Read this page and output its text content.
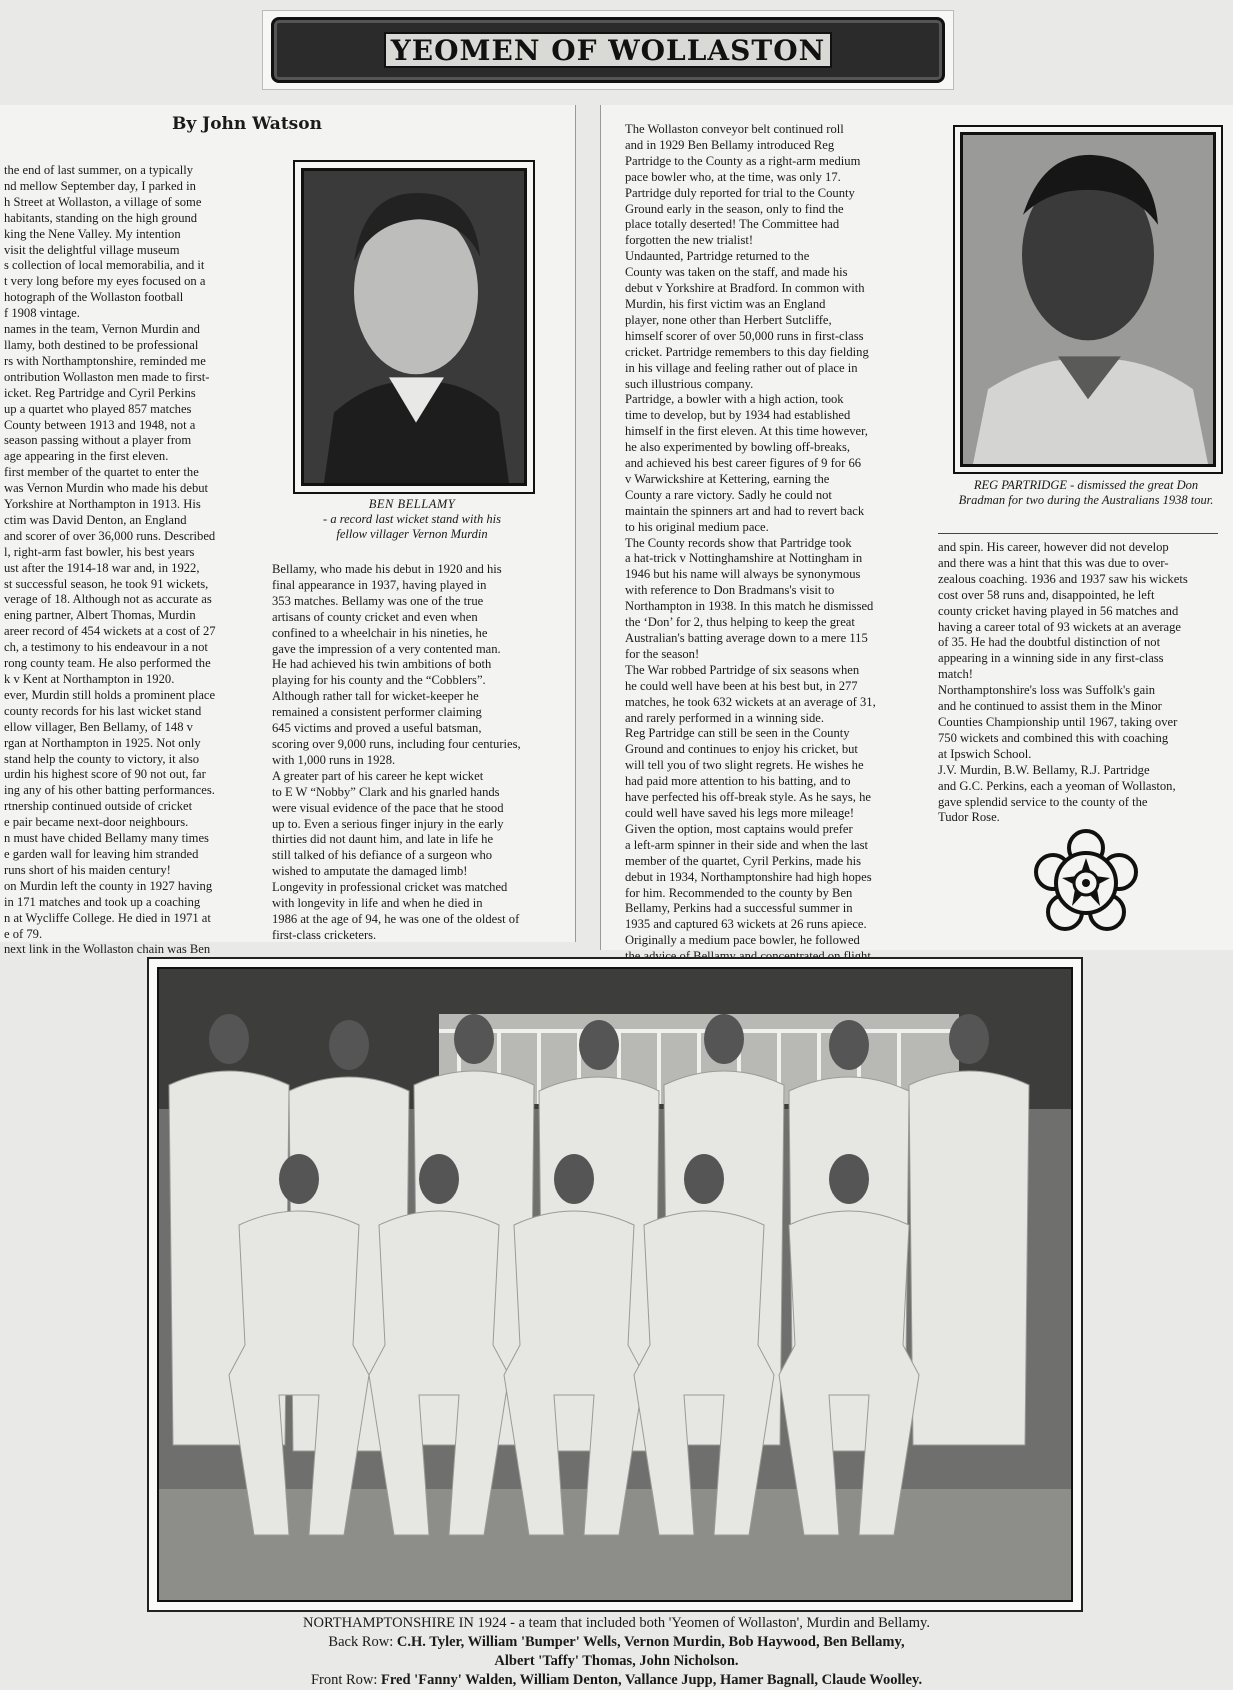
YEOMEN OF WOLLASTON
By John Watson

the end of last summer, on a typically

nd mellow September day, I parked in

h Street at Wollaston, a village of some

habitants, standing on the high ground

king the Nene Valley. My intention

visit the delightful village museum

s collection of local memorabilia, and it

t very long before my eyes focused on a

hotograph of the Wollaston football

f 1908 vintage.

names in the team, Vernon Murdin and

llamy, both destined to be professional

rs with Northamptonshire, reminded me

ontribution Wollaston men made to first-

icket. Reg Partridge and Cyril Perkins

up a quartet who played 857 matches

County between 1913 and 1948, not a

season passing without a player from

age appearing in the first eleven.

first member of the quartet to enter the

was Vernon Murdin who made his debut

Yorkshire at Northampton in 1913. His

ctim was David Denton, an England

and scorer of over 36,000 runs. Described

l, right-arm fast bowler, his best years

ust after the 1914-18 war and, in 1922,

st successful season, he took 91 wickets,

verage of 18. Although not as accurate as

ening partner, Albert Thomas, Murdin

areer record of 454 wickets at a cost of 27

ch, a testimony to his endeavour in a not

rong county team. He also performed the

k v Kent at Northampton in 1920.

ever, Murdin still holds a prominent place

county records for his last wicket stand

ellow villager, Ben Bellamy, of 148 v

rgan at Northampton in 1925. Not only

stand help the county to victory, it also

urdin his highest score of 90 not out, far

ing any of his other batting performances.

rtnership continued outside of cricket

e pair became next-door neighbours.

n must have chided Bellamy many times

e garden wall for leaving him stranded

runs short of his maiden century!

on Murdin left the county in 1927 having

in 171 matches and took up a coaching

n at Wycliffe College. He died in 1971 at

e of 79.

next link in the Wollaston chain was Ben

BEN BELLAMY
- a record last wicket stand with his fellow villager Vernon Murdin

Bellamy, who made his debut in 1920 and his

final appearance in 1937, having played in

353 matches. Bellamy was one of the true

artisans of county cricket and even when

confined to a wheelchair in his nineties, he

gave the impression of a very contented man.

He had achieved his twin ambitions of both

playing for his county and the “Cobblers”.

Although rather tall for wicket-keeper he

remained a consistent performer claiming

645 victims and proved a useful batsman,

scoring over 9,000 runs, including four centuries,

with 1,000 runs in 1928.

A greater part of his career he kept wicket

to E W “Nobby” Clark and his gnarled hands

were visual evidence of the pace that he stood

up to. Even a serious finger injury in the early

thirties did not daunt him, and late in life he

still talked of his defiance of a surgeon who

wished to amputate the damaged limb!

Longevity in professional cricket was matched

with longevity in life and when he died in

1986 at the age of 94, he was one of the oldest of

first-class cricketers.

The Wollaston conveyor belt continued roll

and in 1929 Ben Bellamy introduced Reg

Partridge to the County as a right-arm medium

pace bowler who, at the time, was only 17.

Partridge duly reported for trial to the County

Ground early in the season, only to find the

place totally deserted! The Committee had

forgotten the new trialist!

Undaunted, Partridge returned to the

County was taken on the staff, and made his

debut v Yorkshire at Bradford. In common with

Murdin, his first victim was an England

player, none other than Herbert Sutcliffe,

himself scorer of over 50,000 runs in first-class

cricket. Partridge remembers to this day fielding

in his village and feeling rather out of place in

such illustrious company.

Partridge, a bowler with a high action, took

time to develop, but by 1934 had established

himself in the first eleven. At this time however,

he also experimented by bowling off-breaks,

and achieved his best career figures of 9 for 66

v Warwickshire at Kettering, earning the

County a rare victory. Sadly he could not

maintain the spinners art and had to revert back

to his original medium pace.

The County records show that Partridge took

a hat-trick v Nottinghamshire at Nottingham in

1946 but his name will always be synonymous

with reference to Don Bradmans's visit to

Northampton in 1938. In this match he dismissed

the ‘Don’ for 2, thus helping to keep the great

Australian's batting average down to a mere 115

for the season!

The War robbed Partridge of six seasons when

he could well have been at his best but, in 277

matches, he took 632 wickets at an average of 31,

and rarely performed in a winning side.

Reg Partridge can still be seen in the County

Ground and continues to enjoy his cricket, but

will tell you of two slight regrets. He wishes he

had paid more attention to his batting, and to

have perfected his off-break style. As he says, he

could well have saved his legs more mileage!

Given the option, most captains would prefer

a left-arm spinner in their side and when the last

member of the quartet, Cyril Perkins, made his

debut in 1934, Northamptonshire had high hopes

for him. Recommended to the county by Ben

Bellamy, Perkins had a successful summer in

1935 and captured 63 wickets at 26 runs apiece.

Originally a medium pace bowler, he followed

REG PARTRIDGE - dismissed the great Don Bradman for two during the Australians 1938 tour.

and spin. His career, however did not develop

and there was a hint that this was due to over-

zealous coaching. 1936 and 1937 saw his wickets

cost over 58 runs and, disappointed, he left

county cricket having played in 56 matches and

having a career total of 93 wickets at an average

of 35. He had the doubtful distinction of not

appearing in a winning side in any first-class

match!

Northamptonshire's loss was Suffolk's gain

and he continued to assist them in the Minor

Counties Championship until 1967, taking over

750 wickets and combined this with coaching

at Ipswich School.

J.V. Murdin, B.W. Bellamy, R.J. Partridge

and G.C. Perkins, each a yeoman of Wollaston,

gave splendid service to the county of the

Tudor Rose.

NORTHAMPTONSHIRE IN 1924 - a team that included both 'Yeomen of Wollaston', Murdin and Bellamy.
Back Row: C.H. Tyler, William 'Bumper' Wells, Vernon Murdin, Bob Haywood, Ben Bellamy,
Albert 'Taffy' Thomas, John Nicholson.
Front Row: Fred 'Fanny' Walden, William Denton, Vallance Jupp, Hamer Bagnall, Claude Woolley.
